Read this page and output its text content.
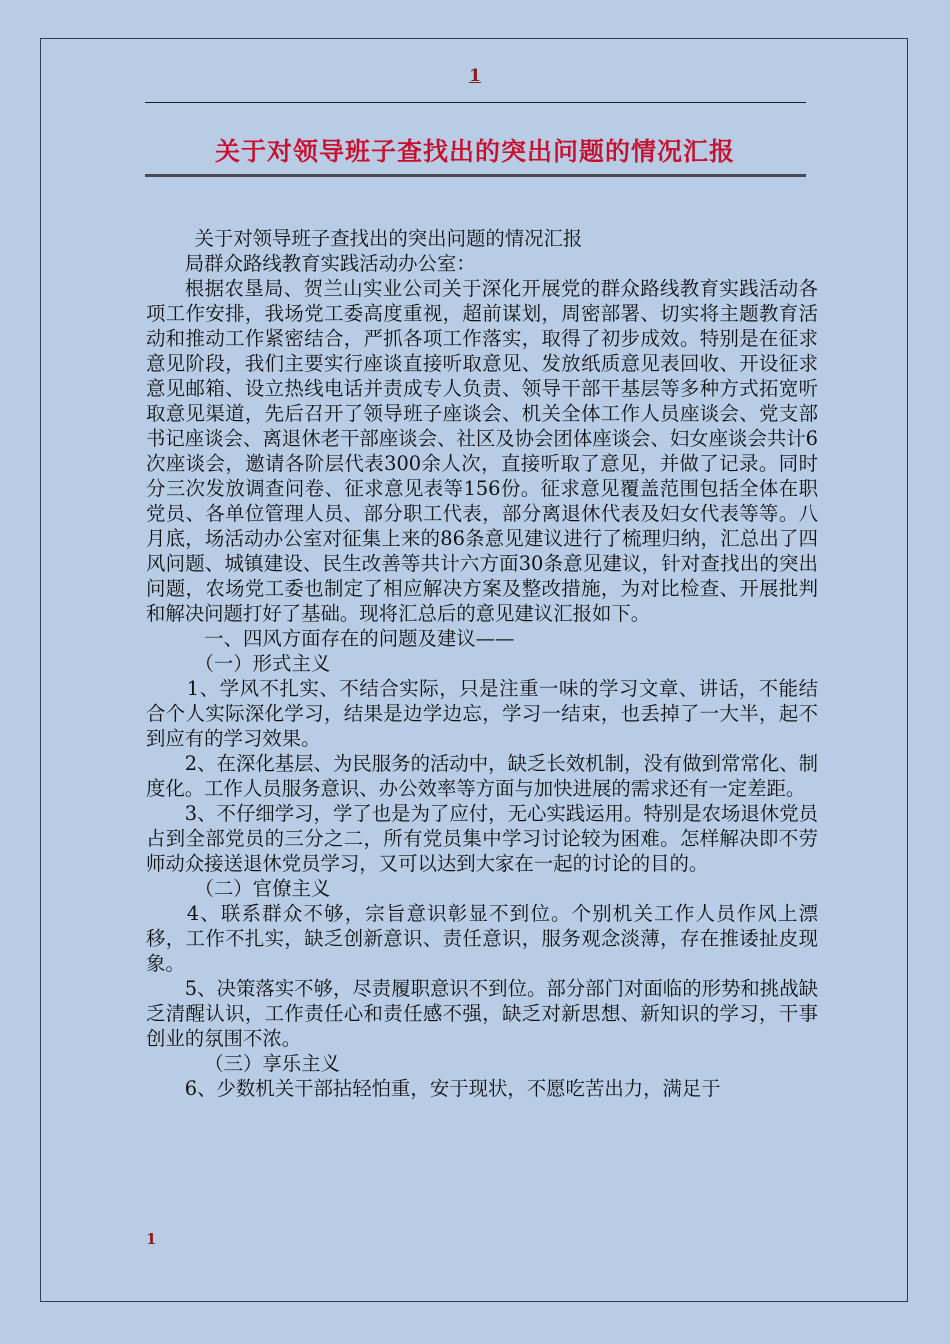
1
关于对领导班子查找出的突出问题的情况汇报

关于对领导班子查找出的突出问题的情况汇报

局群众路线教育实践活动办公室：

根据农垦局、贺兰山实业公司关于深化开展党的群众路线教育实践活动各项工作安排，我场党工委高度重视，超前谋划，周密部署、切实将主题教育活动和推动工作紧密结合，严抓各项工作落实，取得了初步成效。特别是在征求意见阶段，我们主要实行座谈直接听取意见、发放纸质意见表回收、开设征求意见邮箱、设立热线电话并责成专人负责、领导干部干基层等多种方式拓宽听取意见渠道，先后召开了领导班子座谈会、机关全体工作人员座谈会、党支部书记座谈会、离退休老干部座谈会、社区及协会团体座谈会、妇女座谈会共计6次座谈会，邀请各阶层代表300余人次，直接听取了意见，并做了记录。同时分三次发放调查问卷、征求意见表等156份。征求意见覆盖范围包括全体在职党员、各单位管理人员、部分职工代表，部分离退休代表及妇女代表等等。八月底，场活动办公室对征集上来的86条意见建议进行了梳理归纳，汇总出了四风问题、城镇建设、民生改善等共计六方面30条意见建议，针对查找出的突出问题，农场党工委也制定了相应解决方案及整改措施，为对比检查、开展批判和解决问题打好了基础。现将汇总后的意见建议汇报如下。

一、四风方面存在的问题及建议——

（一）形式主义

1、学风不扎实、不结合实际，只是注重一味的学习文章、讲话，不能结合个人实际深化学习，结果是边学边忘，学习一结束，也丢掉了一大半，起不到应有的学习效果。

2、在深化基层、为民服务的活动中，缺乏长效机制，没有做到常常化、制度化。工作人员服务意识、办公效率等方面与加快进展的需求还有一定差距。

3、不仔细学习，学了也是为了应付，无心实践运用。特别是农场退休党员占到全部党员的三分之二，所有党员集中学习讨论较为困难。怎样解决即不劳师动众接送退休党员学习，又可以达到大家在一起的讨论的目的。

（二）官僚主义

4、联系群众不够，宗旨意识彰显不到位。个别机关工作人员作风上漂移，工作不扎实，缺乏创新意识、责任意识，服务观念淡薄，存在推诿扯皮现象。

5、决策落实不够，尽责履职意识不到位。部分部门对面临的形势和挑战缺乏清醒认识，工作责任心和责任感不强，缺乏对新思想、新知识的学习，干事创业的氛围不浓。

（三）享乐主义

6、少数机关干部拈轻怕重，安于现状，不愿吃苦出力，满足于

1
